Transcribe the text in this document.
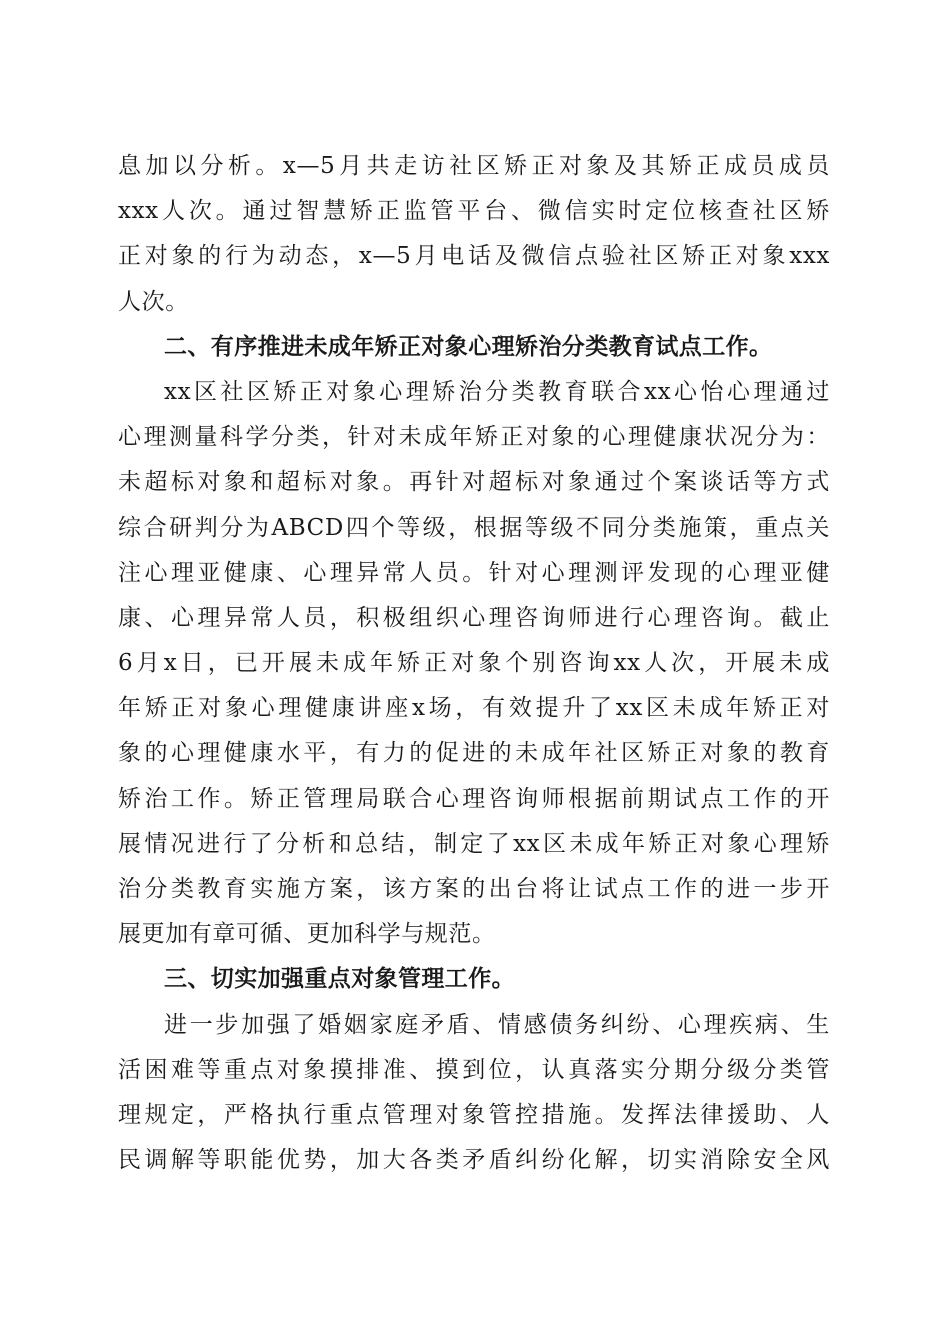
息加以分析。x—5月共走访社区矫正对象及其矫正成员成员
xxx人次。通过智慧矫正监管平台、微信实时定位核查社区矫
正对象的行为动态，x—5月电话及微信点验社区矫正对象xxx
人次。
二、有序推进未成年矫正对象心理矫治分类教育试点工作。
xx区社区矫正对象心理矫治分类教育联合xx心怡心理通过
心理测量科学分类，针对未成年矫正对象的心理健康状况分为：
未超标对象和超标对象。再针对超标对象通过个案谈话等方式
综合研判分为ABCD四个等级，根据等级不同分类施策，重点关
注心理亚健康、心理异常人员。针对心理测评发现的心理亚健
康、心理异常人员，积极组织心理咨询师进行心理咨询。截止
6月x日，已开展未成年矫正对象个别咨询xx人次，开展未成
年矫正对象心理健康讲座x场，有效提升了xx区未成年矫正对
象的心理健康水平，有力的促进的未成年社区矫正对象的教育
矫治工作。矫正管理局联合心理咨询师根据前期试点工作的开
展情况进行了分析和总结，制定了xx区未成年矫正对象心理矫
治分类教育实施方案，该方案的出台将让试点工作的进一步开
展更加有章可循、更加科学与规范。
三、切实加强重点对象管理工作。
进一步加强了婚姻家庭矛盾、情感债务纠纷、心理疾病、生
活困难等重点对象摸排准、摸到位，认真落实分期分级分类管
理规定，严格执行重点管理对象管控措施。发挥法律援助、人
民调解等职能优势，加大各类矛盾纠纷化解，切实消除安全风
